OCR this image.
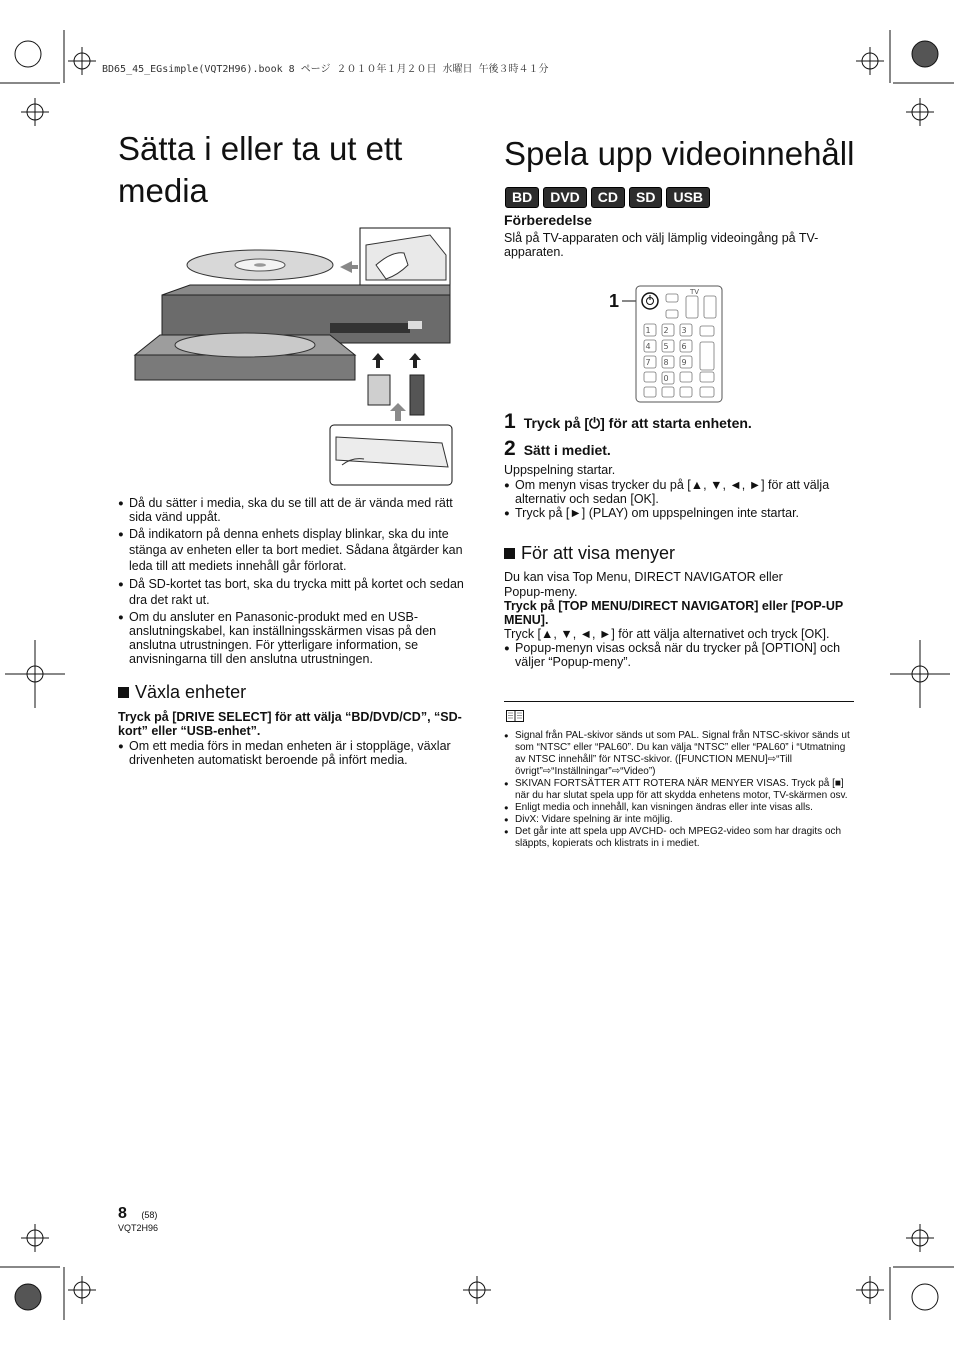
BD65_45_EGsimple(VQT2H96).book 8 ページ ２０１０年１月２０日 水曜日 午後３時４１分
Sätta i eller ta ut ett media
● Då du sätter i media, ska du se till att de är vända med rätt sida vänd uppåt.
● Då indikatorn på denna enhets display blinkar, ska du inte stänga av enheten eller ta bort mediet. Sådana åtgärder kan leda till att mediets innehåll går förlorat.
● Då SD-kortet tas bort, ska du trycka mitt på kortet och sedan dra det rakt ut.
● Om du ansluter en Panasonic-produkt med en USB-anslutningskabel, kan inställningsskärmen visas på den anslutna utrustningen. För ytterligare information, se anvisningarna till den anslutna utrustningen.
Växla enheter
Tryck på [DRIVE SELECT] för att välja “BD/DVD/CD”, “SD-kort” eller “USB-enhet”.
● Om ett media förs in medan enheten är i stoppläge, växlar drivenheten automatiskt beroende på infört media.
Spela upp videoinnehåll
BD	DVD	CD	SD	USB
Förberedelse
Slå på TV-apparaten och välj lämplig videoingång på TV-apparaten.
1
1 2 3
4 5 6
7 8 9
0
TV
1 Tryck på [⏻] för att starta enheten.
2 Sätt i mediet.
Uppspelning startar.
● Om menyn visas trycker du på [▲, ▼, ◄, ►] för att välja alternativ och sedan [OK].
● Tryck på [►] (PLAY) om uppspelningen inte startar.
För att visa menyer
Du kan visa Top Menu, DIRECT NAVIGATOR eller Popup-meny.
Tryck på [TOP MENU/DIRECT NAVIGATOR] eller [POP-UP MENU].
Tryck [▲, ▼, ◄, ►] för att välja alternativet och tryck [OK].
● Popup-menyn visas också när du trycker på [OPTION] och väljer “Popup-meny”.
● Signal från PAL-skivor sänds ut som PAL. Signal från NTSC-skivor sänds ut som “NTSC” eller “PAL60”. Du kan välja “NTSC” eller “PAL60” i “Utmatning av NTSC innehåll” för NTSC-skivor. ([FUNCTION MENU]⇨“Till övrigt”⇨“Inställningar”⇨“Video”)
● SKIVAN FORTSÄTTER ATT ROTERA NÄR MENYER VISAS. Tryck på [■] när du har slutat spela upp för att skydda enhetens motor, TV-skärmen osv.
● Enligt media och innehåll, kan visningen ändras eller inte visas alls.
● DivX: Vidare spelning är inte möjlig.
● Det går inte att spela upp AVCHD- och MPEG2-video som har dragits och släppts, kopierats och klistrats in i mediet.
8 (58)
VQT2H96
